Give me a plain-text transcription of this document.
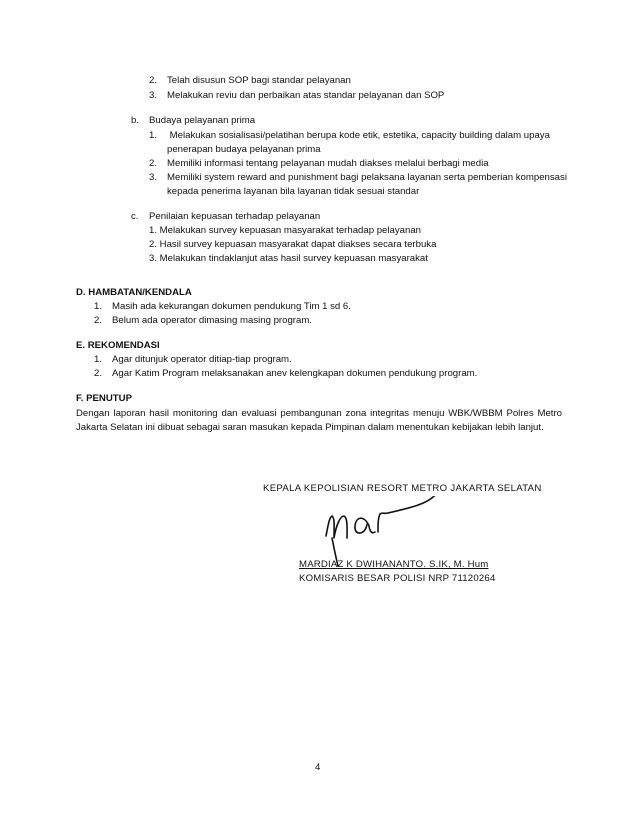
2. Telah disusun SOP bagi standar pelayanan
3. Melakukan reviu dan perbaikan atas standar pelayanan dan SOP
b. Budaya pelayanan prima
1. Melakukan sosialisasi/pelatihan berupa kode etik, estetika, capacity building dalam upaya
penerapan budaya pelayanan prima
2. Memiliki informasi tentang pelayanan mudah diakses melalui berbagi media
3. Memiliki system reward and punishment bagi pelaksana layanan serta pemberian kompensasi
kepada penerima layanan bila layanan tidak sesuai standar
c. Penilaian kepuasan terhadap pelayanan
1. Melakukan survey kepuasan masyarakat terhadap pelayanan
2. Hasil survey kepuasan masyarakat dapat diakses secara terbuka
3. Melakukan tindaklanjut atas hasil survey kepuasan masyarakat
D. HAMBATAN/KENDALA
1. Masih ada kekurangan dokumen pendukung Tim 1 sd 6.
2. Belum ada operator dimasing masing program.
E. REKOMENDASI
1. Agar ditunjuk operator ditiap-tiap program.
2. Agar Katim Program melaksanakan anev kelengkapan dokumen pendukung program.
F. PENUTUP
Dengan laporan hasil monitoring dan evaluasi pembangunan zona integritas menuju WBK/WBBM Polres Metro Jakarta Selatan ini dibuat sebagai saran masukan kepada Pimpinan dalam menentukan kebijakan lebih lanjut.
KEPALA KEPOLISIAN RESORT METRO JAKARTA SELATAN
MARDIAZ K DWIHANANTO. S.IK, M. Hum
KOMISARIS BESAR POLISI NRP 71120264
4
